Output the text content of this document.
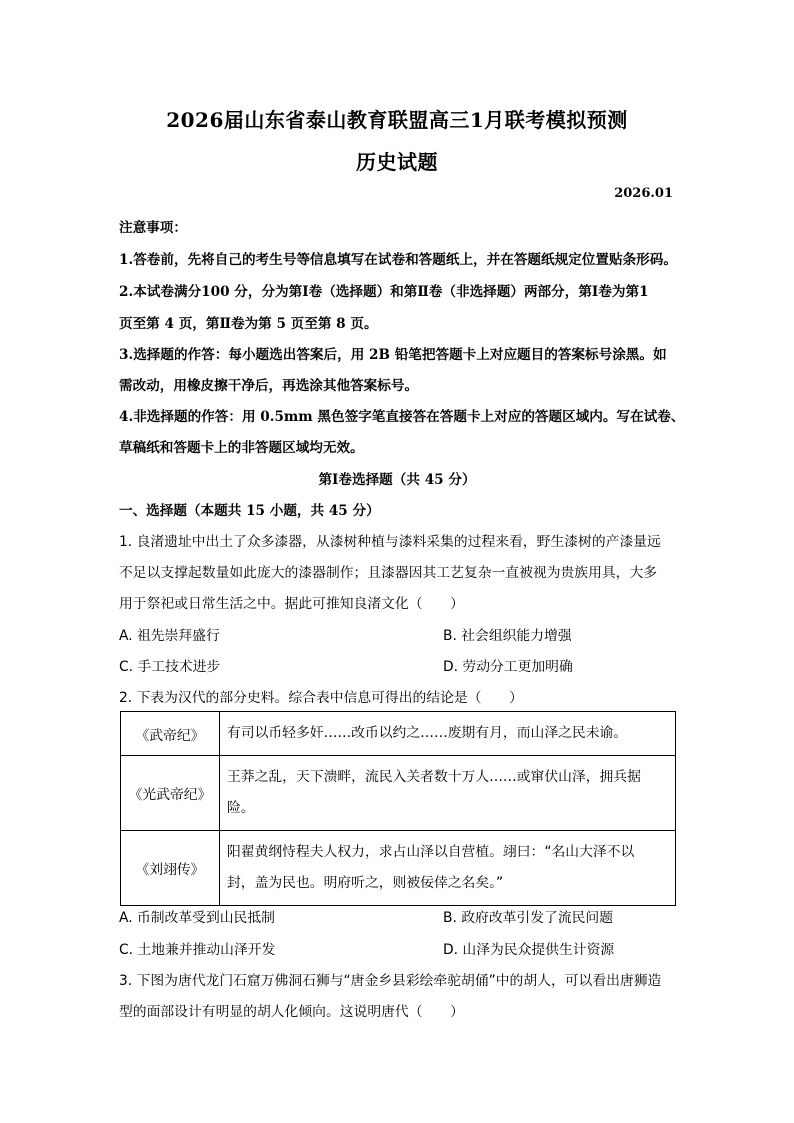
2026届山东省泰山教育联盟高三1月联考模拟预测
历史试题
2026.01
注意事项：
1.答卷前，先将自己的考生号等信息填写在试卷和答题纸上，并在答题纸规定位置贴条形码。
2.本试卷满分100 分，分为第Ⅰ卷（选择题）和第Ⅱ卷（非选择题）两部分，第Ⅰ卷为第1
页至第 4 页，第Ⅱ卷为第 5 页至第 8 页。
3.选择题的作答：每小题选出答案后，用 2B 铅笔把答题卡上对应题目的答案标号涂黑。如
需改动，用橡皮擦干净后，再选涂其他答案标号。
4.非选择题的作答：用 0.5mm 黑色签字笔直接答在答题卡上对应的答题区域内。写在试卷、
草稿纸和答题卡上的非答题区域均无效。
第Ⅰ卷选择题（共 45 分）
一、选择题（本题共 15 小题，共 45 分）
1. 良渚遗址中出土了众多漆器，从漆树种植与漆料采集的过程来看，野生漆树的产漆量远
不足以支撑起数量如此庞大的漆器制作；且漆器因其工艺复杂一直被视为贵族用具，大多
用于祭祀或日常生活之中。据此可推知良渚文化（　　）
A. 祖先崇拜盛行	B. 社会组织能力增强
C. 手工技术进步	D. 劳动分工更加明确
2. 下表为汉代的部分史料。综合表中信息可得出的结论是（　　）
《武帝纪》	有司以币轻多奸……改币以约之……废期有月，而山泽之民未谕。
《光武帝纪》	王莽之乱，天下溃畔，流民入关者数十万人……或窜伏山泽，拥兵据
险。
《刘翊传》	阳翟黄纲恃程夫人权力，求占山泽以自营植。翊曰：“名山大泽不以
封，盖为民也。明府听之，则被佞倖之名矣。”
A. 币制改革受到山民抵制	B. 政府改革引发了流民问题
C. 土地兼并推动山泽开发	D. 山泽为民众提供生计资源
3. 下图为唐代龙门石窟万佛洞石狮与“唐金乡县彩绘牵驼胡俑”中的胡人，可以看出唐狮造
型的面部设计有明显的胡人化倾向。这说明唐代（　　）
